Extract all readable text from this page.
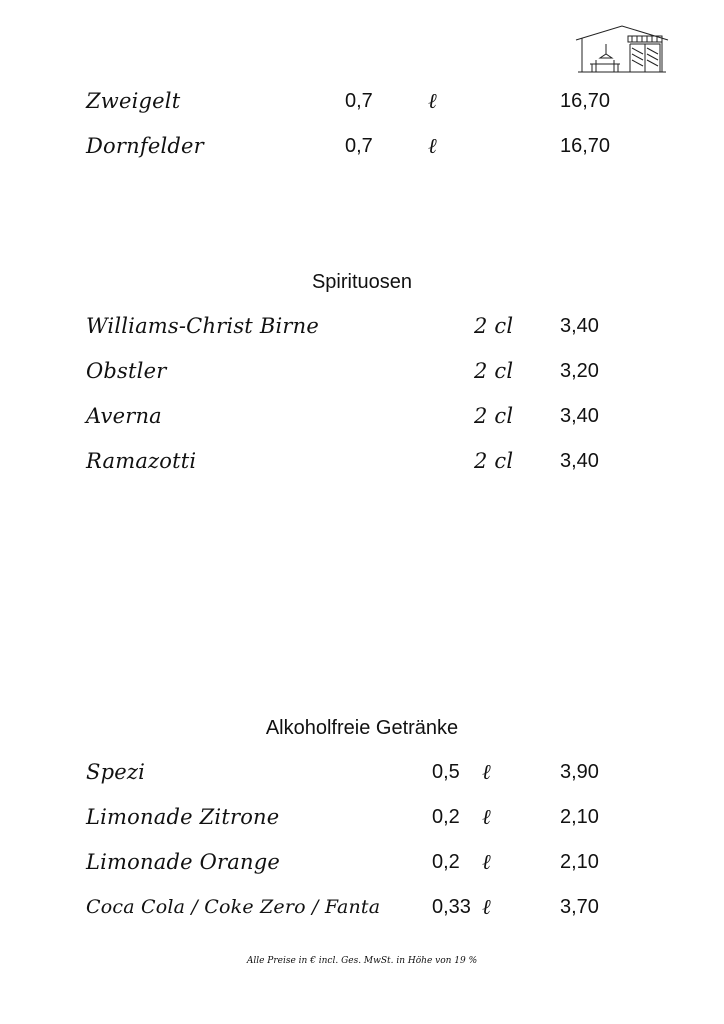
Zweigelt	0,7	ℓ	16,70
Dornfelder	0,7	ℓ	16,70
Spirituosen
Williams-Christ Birne	2 cl 3,40
Obstler	2 cl 3,20
Averna	2 cl 3,40
Ramazotti	2 cl 3,40
Alkoholfreie Getränke
Spezi	0,5 ℓ	3,90
Limonade Zitrone	0,2 ℓ	2,10
Limonade Orange	0,2 ℓ	2,10
Coca Cola / Coke Zero / Fanta	0,33 ℓ	3,70
Alle Preise in € incl. Ges. MwSt. in Höhe von 19 %
